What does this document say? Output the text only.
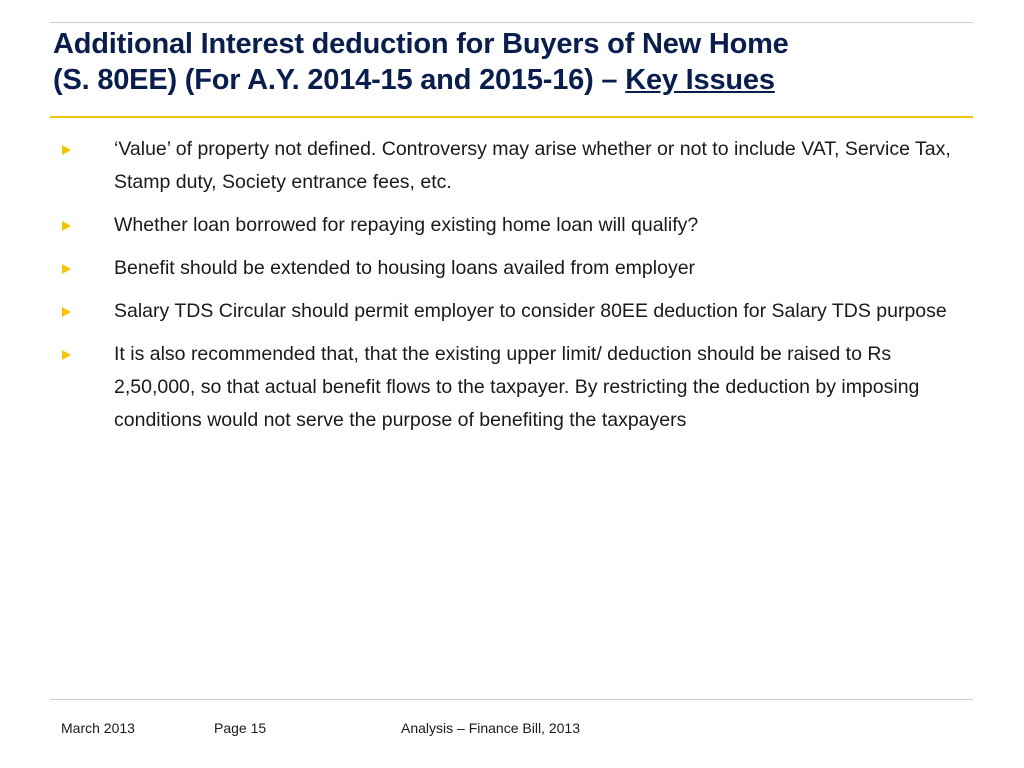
Additional Interest deduction for Buyers of New Home
(S. 80EE) (For A.Y. 2014-15 and 2015-16) – Key Issues
‘Value’ of property not defined. Controversy may arise whether or not to include VAT, Service Tax, Stamp duty, Society entrance fees, etc.
Whether loan borrowed for repaying existing home loan will qualify?
Benefit should be extended to housing loans availed from employer
Salary TDS Circular should permit employer to consider 80EE deduction for Salary TDS purpose
It is also recommended that, that the existing upper limit/ deduction should be raised to Rs 2,50,000, so that actual benefit flows to the taxpayer. By restricting the deduction by imposing conditions would not serve the purpose of benefiting the taxpayers
March 2013	Page 15	Analysis – Finance Bill, 2013
